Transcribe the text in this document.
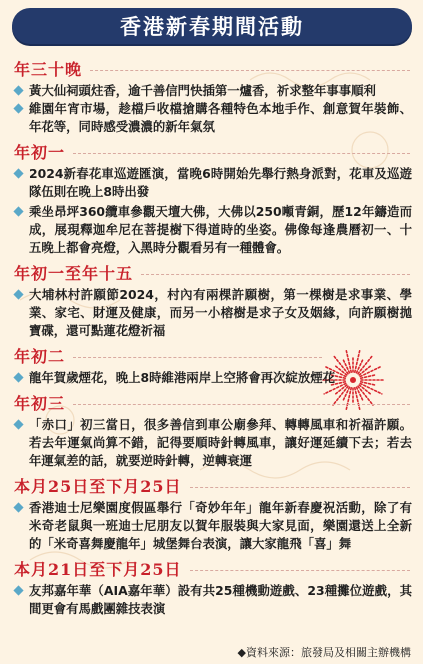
香港新春期間活動
年三十晚
黃大仙祠頭炷香，逾千善信門快插第一爐香，祈求整年事事順利
維園年宵市場，趁檔戶收檔搶購各種特色本地手作、創意賀年裝飾、年花等，同時感受濃濃的新年氣氛
年初一
2024新春花車巡遊匯演，當晚6時開始先舉行熱身派對，花車及巡遊隊伍則在晚上8時出發
乘坐昂坪360纜車參觀天壇大佛，大佛以250噸青銅，歷12年鑄造而成，展現釋迦牟尼在菩提樹下得道時的坐姿。佛像每逢農曆初一、十五晚上都會亮燈，入黑時分觀看另有一種體會。
年初一至年十五
大埔林村許願節2024，村內有兩棵許願樹，第一棵樹是求事業、學業、家宅、財運及健康，而另一小榕樹是求子女及姻緣，向許願樹拋寶碟，還可點蓮花燈祈福
年初二
龍年賀歲煙花，晚上8時維港兩岸上空將會再次綻放煙花
年初三
「赤口」初三當日，很多善信到車公廟參拜、轉轉風車和祈福許願。若去年運氣尚算不錯，記得要順時針轉風車，讓好運延續下去；若去年運氣差的話，就要逆時針轉，逆轉衰運
本月25日至下月25日
香港迪士尼樂園度假區舉行「奇妙年年」龍年新春慶祝活動，除了有米奇老鼠與一班迪士尼朋友以賀年服裝與大家見面，樂園還送上全新的「米奇喜舞慶龍年」城堡舞台表演，讓大家龍飛「喜」舞
本月21日至下月25日
友邦嘉年華（AIA嘉年華）設有共25種機動遊戲、23種攤位遊戲，其間更會有馬戲團雜技表演
◆資料來源：旅發局及相關主辦機構
